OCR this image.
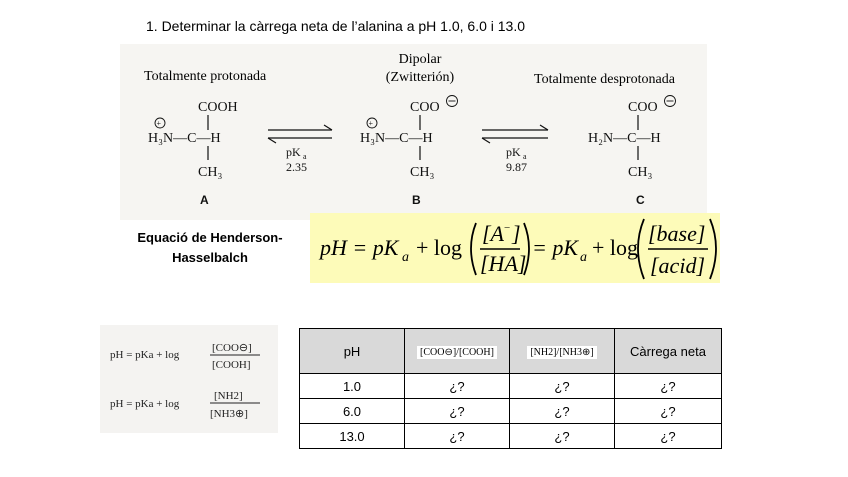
1. Determinar la càrrega neta de l’alanina a pH 1.0, 6.0 i 13.0
Totalmente protonada
Dipolar
(Zwitterión)	Totalmente desprotonada
COOH
H₃N—C—H
+
CH₃
A
pK a
2.35
COO
H₃N—C—H
+
CH₃
B
pK a
9.87
COO
H₂N—C—H
CH₃
C
Equació de Henderson-
Hasselbalch	pH = pK a + log
[A − ]
[HA]
= pK a + log
[base]
[acid]
pH = pKa + log
[COO⊖]
[COOH]
pH = pKa + log
[NH2]
[NH3⊕]
pH	[COO⊖]/[COOH]	[NH2]/[NH3⊕]	Càrrega neta
1.0	¿?	¿?	¿?
6.0	¿?	¿?	¿?
13.0	¿?	¿?	¿?
